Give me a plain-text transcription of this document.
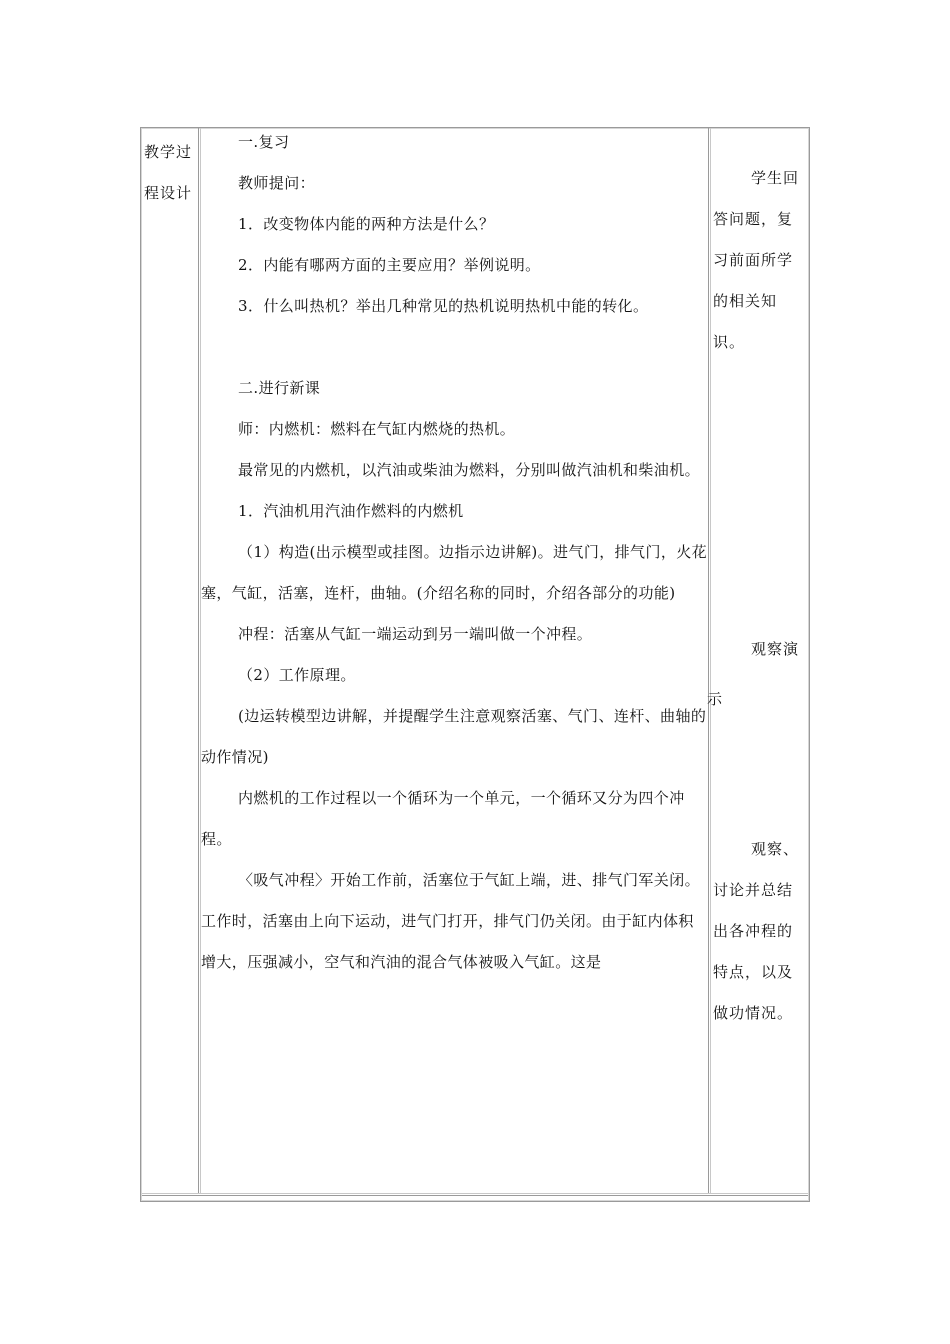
教学过程设计

一.复习

教师提问：

1．改变物体内能的两种方法是什么？

2．内能有哪两方面的主要应用？举例说明。

3．什么叫热机？举出几种常见的热机说明热机中能的转化。

二.进行新课

师：内燃机：燃料在气缸内燃烧的热机。

最常见的内燃机，以汽油或柴油为燃料，分别叫做汽油机和柴油机。

1．汽油机用汽油作燃料的内燃机

（1）构造(出示模型或挂图。边指示边讲解)。进气门，排气门，火花塞，气缸，活塞，连杆，曲轴。(介绍名称的同时，介绍各部分的功能)

冲程：活塞从气缸一端运动到另一端叫做一个冲程。

（2）工作原理。

(边运转模型边讲解，并提醒学生注意观察活塞、气门、连杆、曲轴的动作情况)

内燃机的工作过程以一个循环为一个单元，一个循环又分为四个冲程。

〈吸气冲程〉开始工作前，活塞位于气缸上端，进、排气门军关闭。工作时，活塞由上向下运动，进气门打开，排气门仍关闭。由于缸内体积增大，压强减小，空气和汽油的混合气体被吸入气缸。这是

学生回答问题，复习前面所学的相关知识。

观察演

示

观察、讨论并总结出各冲程的特点，以及做功情况。
